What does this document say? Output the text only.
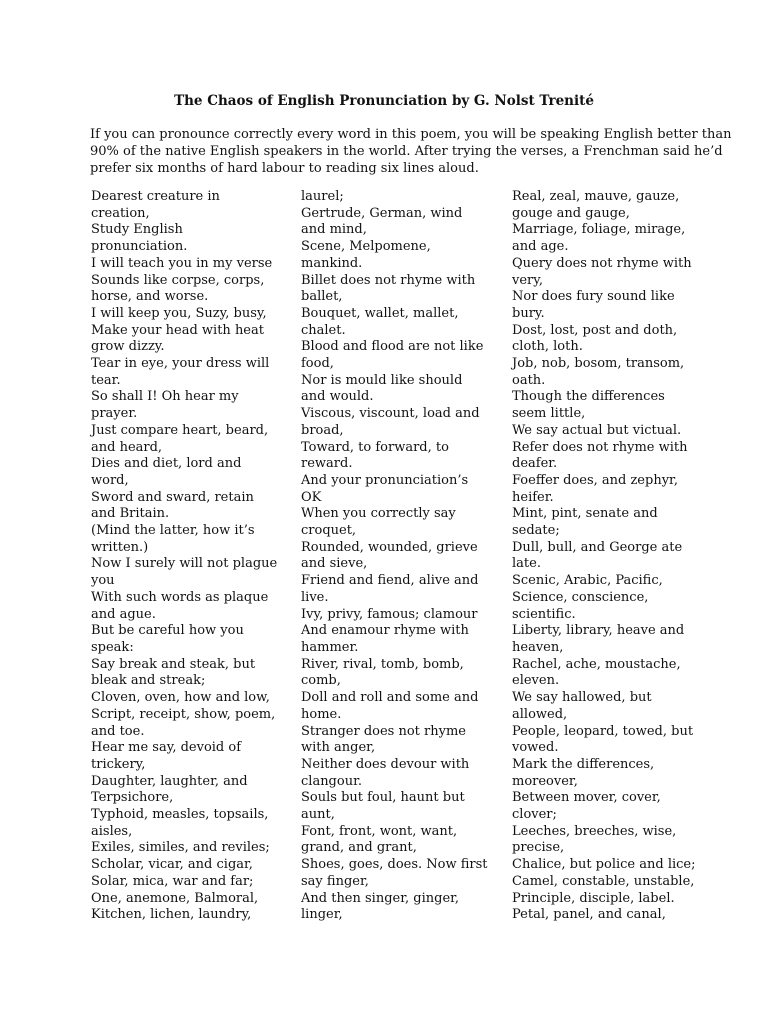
The Chaos of English Pronunciation by G. Nolst Trenité
If you can pronounce correctly every word in this poem, you will be speaking English better than
90% of the native English speakers in the world. After trying the verses, a Frenchman said he’d
prefer six months of hard labour to reading six lines aloud.
Dearest creature in
creation,
Study English
pronunciation.
I will teach you in my verse
Sounds like corpse, corps,
horse, and worse.
I will keep you, Suzy, busy,
Make your head with heat
grow dizzy.
Tear in eye, your dress will
tear.
So shall I! Oh hear my
prayer.
Just compare heart, beard,
and heard,
Dies and diet, lord and
word,
Sword and sward, retain
and Britain.
(Mind the latter, how it’s
written.)
Now I surely will not plague
you
With such words as plaque
and ague.
But be careful how you
speak:
Say break and steak, but
bleak and streak;
Cloven, oven, how and low,
Script, receipt, show, poem,
and toe.
Hear me say, devoid of
trickery,
Daughter, laughter, and
Terpsichore,
Typhoid, measles, topsails,
aisles,
Exiles, similes, and reviles;
Scholar, vicar, and cigar,
Solar, mica, war and far;
One, anemone, Balmoral,
Kitchen, lichen, laundry,
laurel;
Gertrude, German, wind
and mind,
Scene, Melpomene,
mankind.
Billet does not rhyme with
ballet,
Bouquet, wallet, mallet,
chalet.
Blood and flood are not like
food,
Nor is mould like should
and would.
Viscous, viscount, load and
broad,
Toward, to forward, to
reward.
And your pronunciation’s
OK
When you correctly say
croquet,
Rounded, wounded, grieve
and sieve,
Friend and fiend, alive and
live.
Ivy, privy, famous; clamour
And enamour rhyme with
hammer.
River, rival, tomb, bomb,
comb,
Doll and roll and some and
home.
Stranger does not rhyme
with anger,
Neither does devour with
clangour.
Souls but foul, haunt but
aunt,
Font, front, wont, want,
grand, and grant,
Shoes, goes, does. Now first
say finger,
And then singer, ginger,
linger,
Real, zeal, mauve, gauze,
gouge and gauge,
Marriage, foliage, mirage,
and age.
Query does not rhyme with
very,
Nor does fury sound like
bury.
Dost, lost, post and doth,
cloth, loth.
Job, nob, bosom, transom,
oath.
Though the differences
seem little,
We say actual but victual.
Refer does not rhyme with
deafer.
Foeffer does, and zephyr,
heifer.
Mint, pint, senate and
sedate;
Dull, bull, and George ate
late.
Scenic, Arabic, Pacific,
Science, conscience,
scientific.
Liberty, library, heave and
heaven,
Rachel, ache, moustache,
eleven.
We say hallowed, but
allowed,
People, leopard, towed, but
vowed.
Mark the differences,
moreover,
Between mover, cover,
clover;
Leeches, breeches, wise,
precise,
Chalice, but police and lice;
Camel, constable, unstable,
Principle, disciple, label.
Petal, panel, and canal,
